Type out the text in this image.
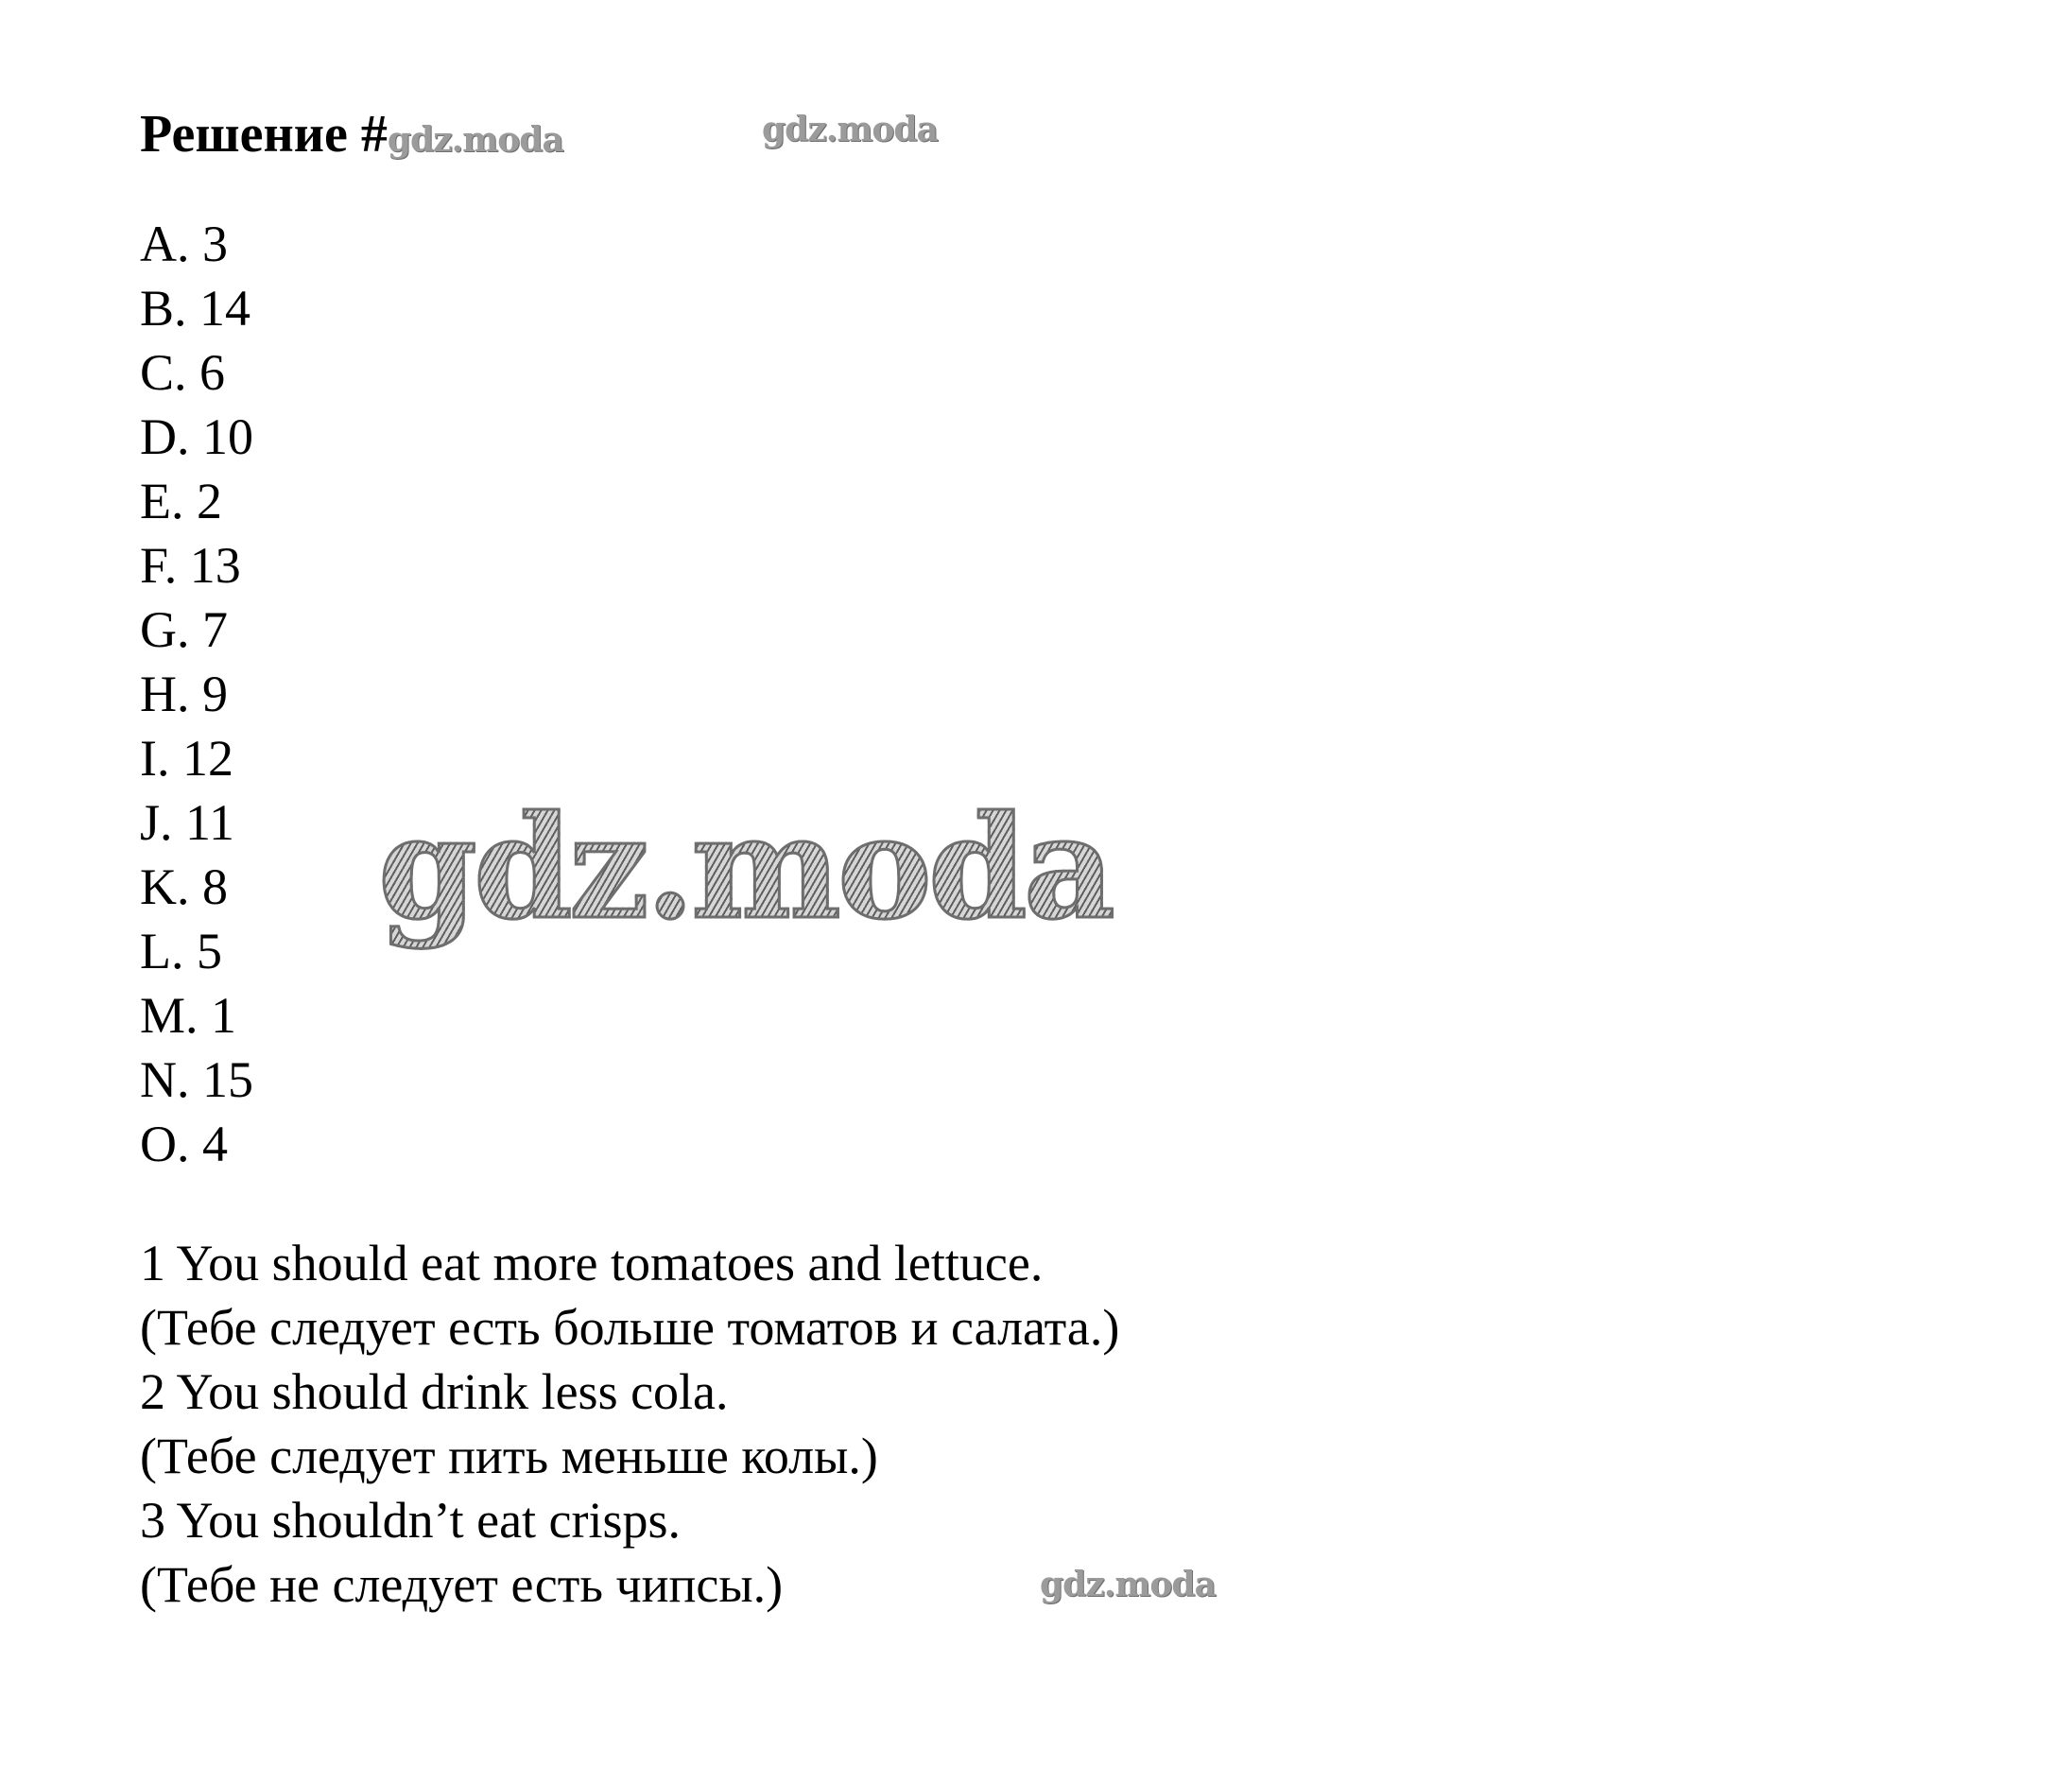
Решение #gdz.moda	gdz.moda
A. 3
B. 14
C. 6
D. 10
E. 2
F. 13
G. 7
H. 9
I. 12
J. 11
K. 8
L. 5
M. 1
N. 15
O. 4
gdz.moda
1 You should eat more tomatoes and lettuce.
(Тебе следует есть больше томатов и салата.)
2 You should drink less cola.
(Тебе следует пить меньше колы.)
3 You shouldn’t eat crisps.
(Тебе не следует есть чипсы.)	gdz.moda
